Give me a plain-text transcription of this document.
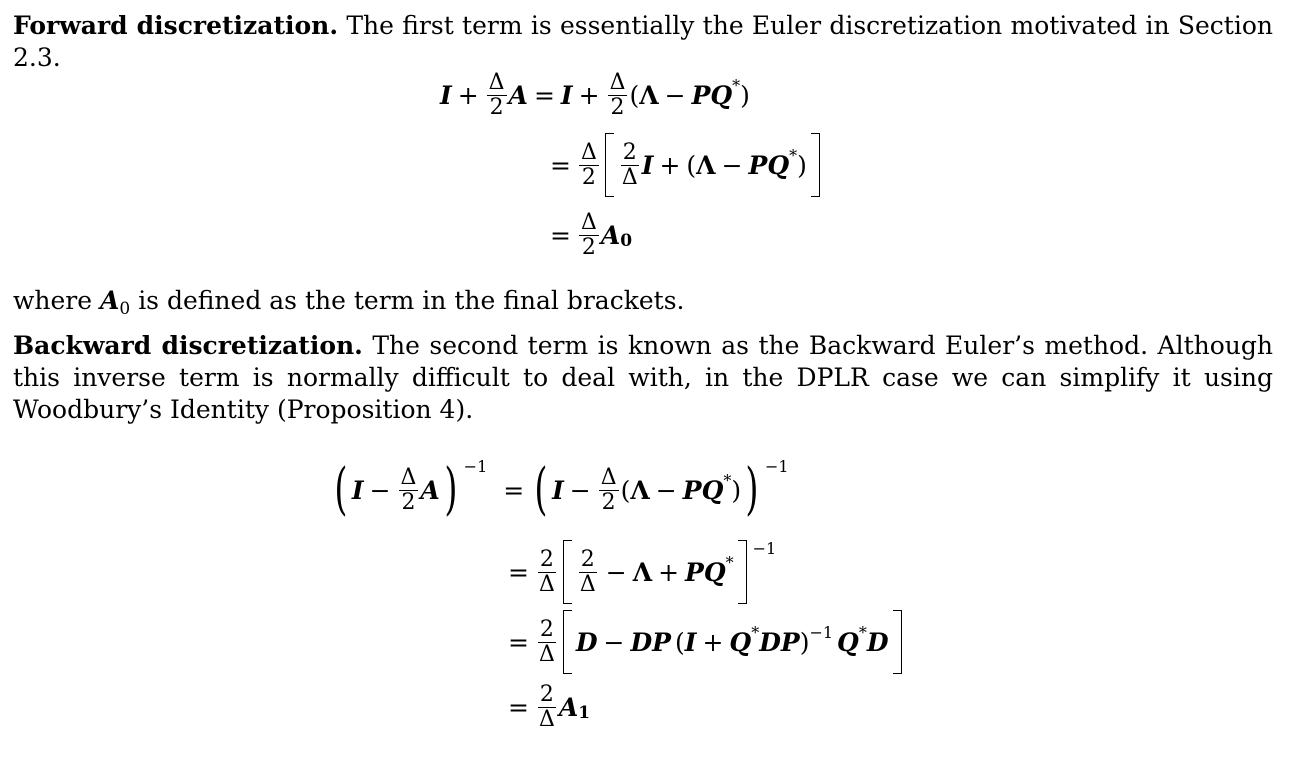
Forward discretization. The first term is essentially the Euler discretization motivated in Section 2.3.

$I + \frac{\Delta}{2}$ $A = I + \frac{\Delta}{2}$ ( Λ − P Q * )
= $\frac{\Delta}{2} \frac{2}{\Delta}$ I + ( Λ − P Q * )
= $\frac{\Delta}{2}$ A 0

where $A_0$ is defined as the term in the final brackets.

Backward discretization. The second term is known as the Backward Euler’s method. Although this inverse term is normally difficult to deal with, in the DPLR case we can simplify it using Woodbury’s Identity (Proposition 4).

( $I - \frac{\Delta}{2}$ A ) −1
= ( $I - \frac{\Delta}{2}$ ( Λ − P Q * ) ) −1
= $\frac{2}{\Delta} \frac{2}{\Delta} - \Lambda + P$ Q *
−1
= $\frac{2}{\Delta}$ D − D P ( I + Q * D P ) −1 Q * D
= $\frac{2}{\Delta}$ A 1
